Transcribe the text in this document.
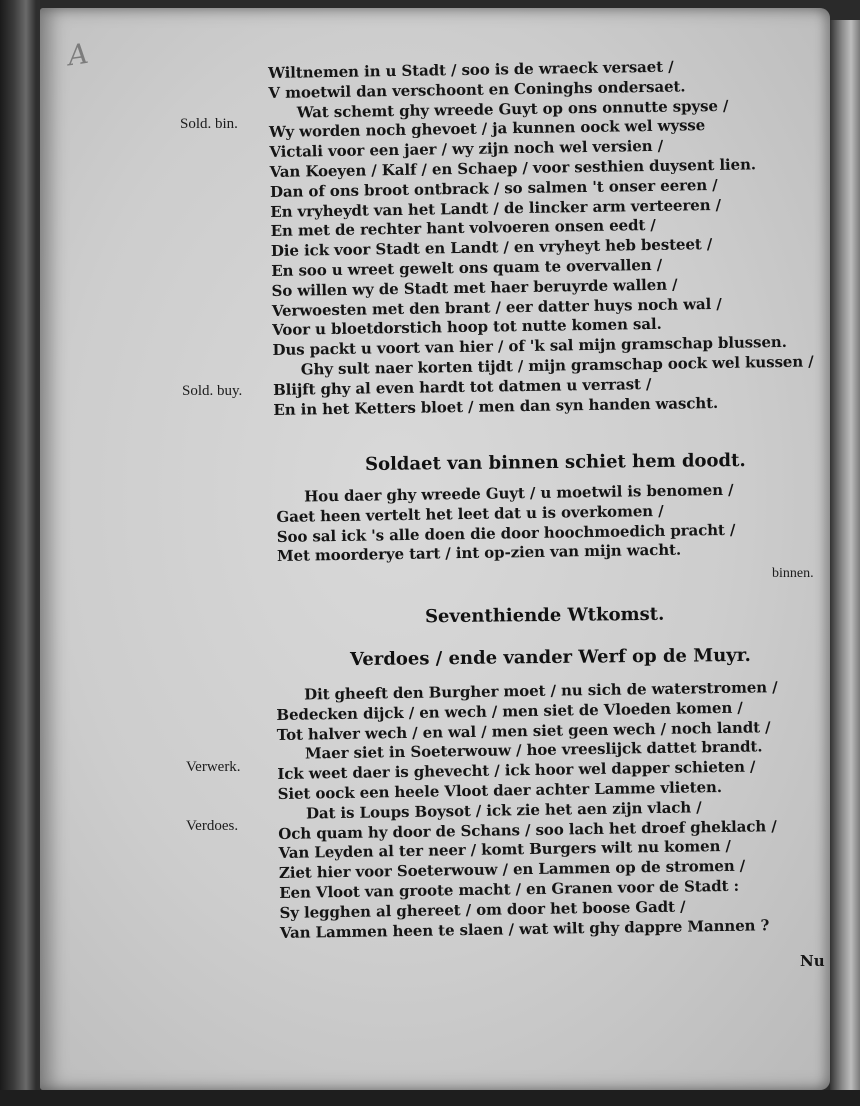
A
Sold. bin.
Sold. buy.
Verwerk.
Verdoes.
Wiltnemen in u Stadt / soo is de wraeck versaet /
V moetwil dan verschoont en Coninghs ondersaet.
Wat schemt ghy wreede Guyt op ons onnutte spyse /
Wy worden noch ghevoet / ja kunnen oock wel wysse
Victali voor een jaer / wy zijn noch wel versien /
Van Koeyen / Kalf / en Schaep / voor sesthien duysent lien.
Dan of ons broot ontbrack / so salmen 't onser eeren /
En vryheydt van het Landt / de lincker arm verteeren /
En met de rechter hant volvoeren onsen eedt /
Die ick voor Stadt en Landt / en vryheyt heb besteet /
En soo u wreet gewelt ons quam te overvallen /
So willen wy de Stadt met haer beruyrde wallen /
Verwoesten met den brant / eer datter huys noch wal /
Voor u bloetdorstich hoop tot nutte komen sal.
Dus packt u voort van hier / of 'k sal mijn gramschap blussen.
Ghy sult naer korten tijdt / mijn gramschap oock wel kussen /
Blijft ghy al even hardt tot datmen u verrast /
En in het Ketters bloet / men dan syn handen wascht.
Soldaet van binnen schiet hem doodt.
Hou daer ghy wreede Guyt / u moetwil is benomen /
Gaet heen vertelt het leet dat u is overkomen /
Soo sal ick 's alle doen die door hoochmoedich pracht /
Met moorderye tart / int op-zien van mijn wacht.
binnen.
Seventhiende Wtkomst.
Verdoes / ende vander Werf op de Muyr.
Dit gheeft den Burgher moet / nu sich de waterstromen /
Bedecken dijck / en wech / men siet de Vloeden komen /
Tot halver wech / en wal / men siet geen wech / noch landt /
Maer siet in Soeterwouw / hoe vreeslijck dattet brandt.
Ick weet daer is ghevecht / ick hoor wel dapper schieten /
Siet oock een heele Vloot daer achter Lamme vlieten.
Dat is Loups Boysot / ick zie het aen zijn vlach /
Och quam hy door de Schans / soo lach het droef gheklach /
Van Leyden al ter neer / komt Burgers wilt nu komen /
Ziet hier voor Soeterwouw / en Lammen op de stromen /
Een Vloot van groote macht / en Granen voor de Stadt :
Sy legghen al ghereet / om door het boose Gadt /
Van Lammen heen te slaen / wat wilt ghy dappre Mannen ?
Nu
